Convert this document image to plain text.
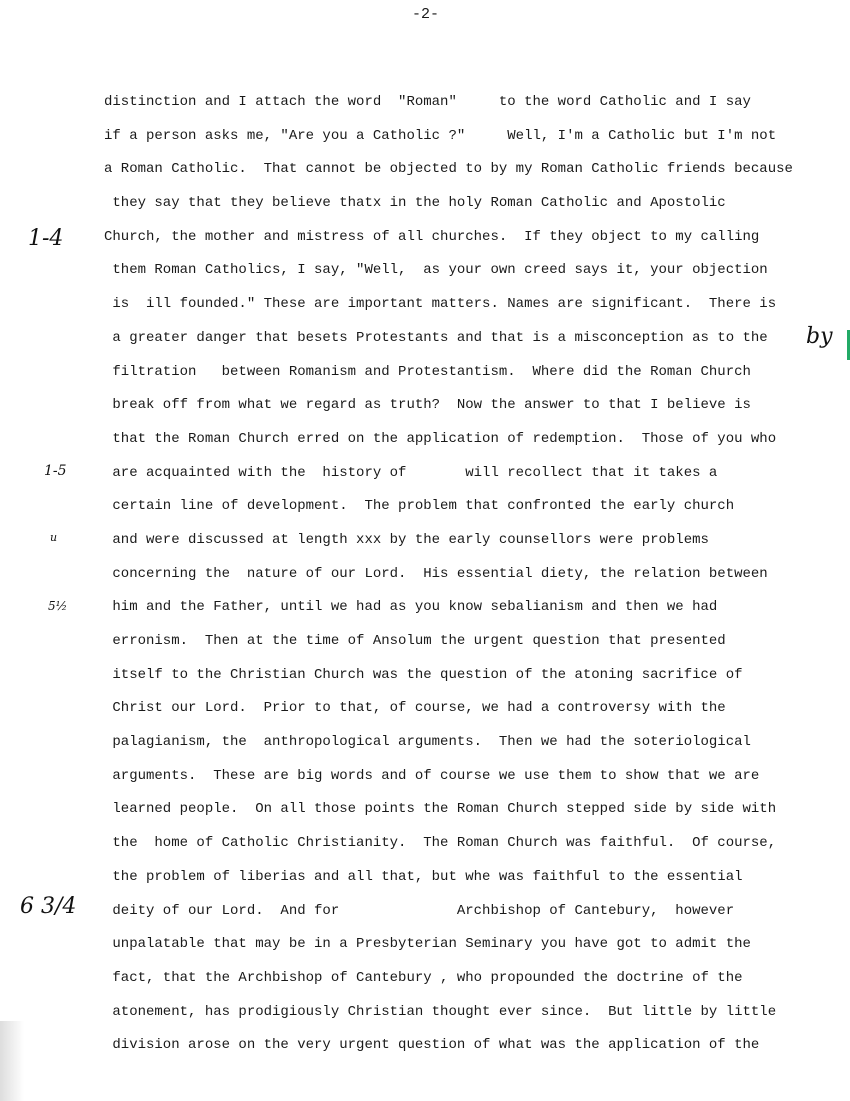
-2-
distinction and I attach the word  "Roman"     to the word Catholic and I say
if a person asks me, "Are you a Catholic ?"     Well, I'm a Catholic but I'm not
a Roman Catholic.  That cannot be objected to by my Roman Catholic friends because
they say that they believe thatx in the holy Roman Catholic and Apostolic
Church, the mother and mistress of all churches.  If they object to my calling
them Roman Catholics, I say, "Well,  as your own creed says it, your objection
is  ill founded." These are important matters. Names are significant.  There is
a greater danger that besets Protestants and that is a misconception as to the
filtration   between Romanism and Protestantism.  Where did the Roman Church
break off from what we regard as truth?  Now the answer to that I believe is
that the Roman Church erred on the application of redemption.  Those of you who
are acquainted with the  history of       will recollect that it takes a
certain line of development.  The problem that confronted the early church
and were discussed at length xxx by the early counsellors were problems
concerning the  nature of our Lord.  His essential diety, the relation between
him and the Father, until we had as you know sebalianism and then we had
erronism.  Then at the time of Ansolum the urgent question that presented
itself to the Christian Church was the question of the atoning sacrifice of
Christ our Lord.  Prior to that, of course, we had a controversy with the
palagianism, the  anthropological arguments.  Then we had the soteriological
arguments.  These are big words and of course we use them to show that we are
learned people.  On all those points the Roman Church stepped side by side with
the  home of Catholic Christianity.  The Roman Church was faithful.  Of course,
the problem of liberias and all that, but whe was faithful to the essential
deity of our Lord.  And for              Archbishop of Cantebury,  however
unpalatable that may be in a Presbyterian Seminary you have got to admit the
fact, that the Archbishop of Cantebury , who propounded the doctrine of the
atonement, has prodigiously Christian thought ever since.  But little by little
division arose on the very urgent question of what was the application of the
1-4
by
1-5
u
5½
6 3/4
